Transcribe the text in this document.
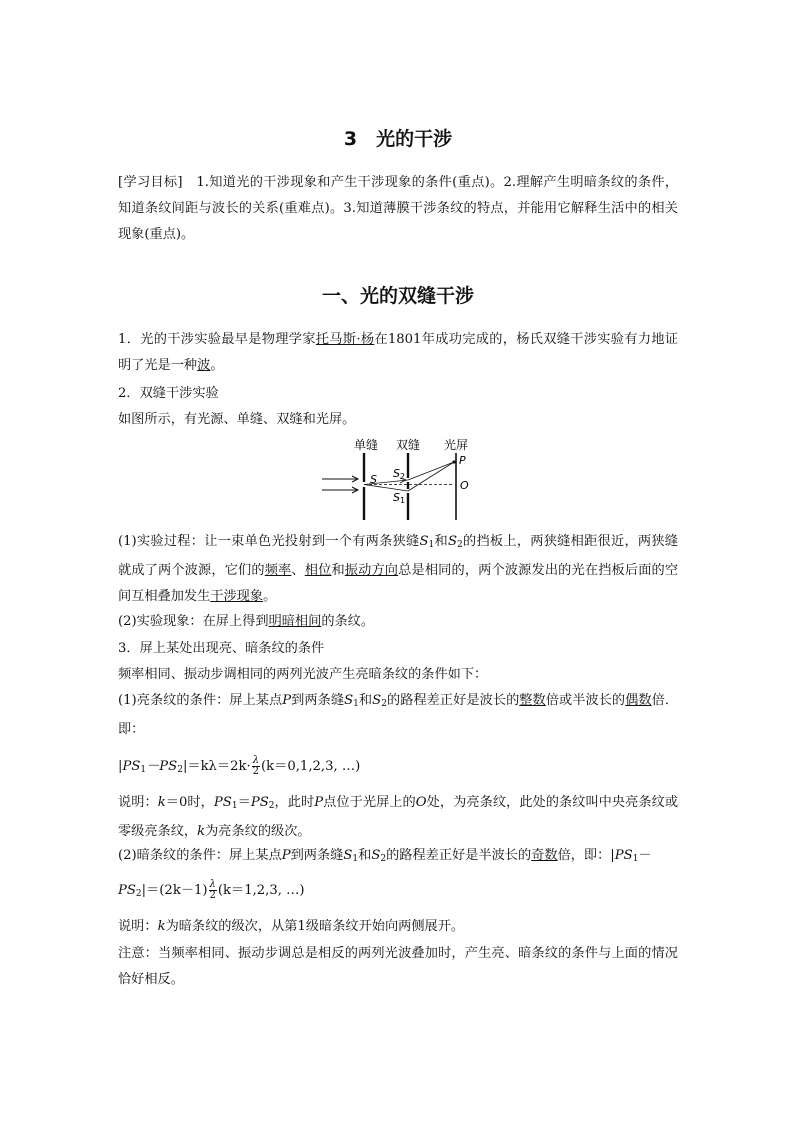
3　光的干涉
[学习目标]　1.知道光的干涉现象和产生干涉现象的条件(重点)。2.理解产生明暗条纹的条件，知道条纹间距与波长的关系(重难点)。3.知道薄膜干涉条纹的特点，并能用它解释生活中的相关现象(重点)。
一、光的双缝干涉
1．光的干涉实验最早是物理学家托马斯·杨在1801年成功完成的，杨氏双缝干涉实验有力地证明了光是一种波。
2．双缝干涉实验
如图所示，有光源、单缝、双缝和光屏。
单缝 双缝 光屏
P
O
S S 2
S 1
(1)实验过程：让一束单色光投射到一个有两条狭缝$S_1$和$S_2$的挡板上，两狭缝相距很近，两狭缝就成了两个波源，它们的频率、相位和振动方向总是相同的，两个波源发出的光在挡板后面的空间互相叠加发生干涉现象。
(2)实验现象：在屏上得到明暗相间的条纹。
3．屏上某处出现亮、暗条纹的条件
频率相同、振动步调相同的两列光波产生亮暗条纹的条件如下：
(1)亮条纹的条件：屏上某点P到两条缝$S_1$和$S_2$的路程差正好是波长的整数倍或半波长的偶数倍．即：
$|PS_1-PS_2|=k\lambda=2k\cdot \frac{\lambda}{2} (k=0,1,2,3$, …)
说明：k＝0时，$PS_1=PS_2$，此时P点位于光屏上的O处，为亮条纹，此处的条纹叫中央亮条纹或零级亮条纹，k为亮条纹的级次。
(2)暗条纹的条件：屏上某点P到两条缝$S_1$和$S_2$的路程差正好是半波长的奇数倍，即：$|PS_1-$
$PS_2|=(2k-1) \frac{\lambda}{2} (k=1,2,3$, …)
说明：k为暗条纹的级次，从第1级暗条纹开始向两侧展开。
注意：当频率相同、振动步调总是相反的两列光波叠加时，产生亮、暗条纹的条件与上面的情况恰好相反。
